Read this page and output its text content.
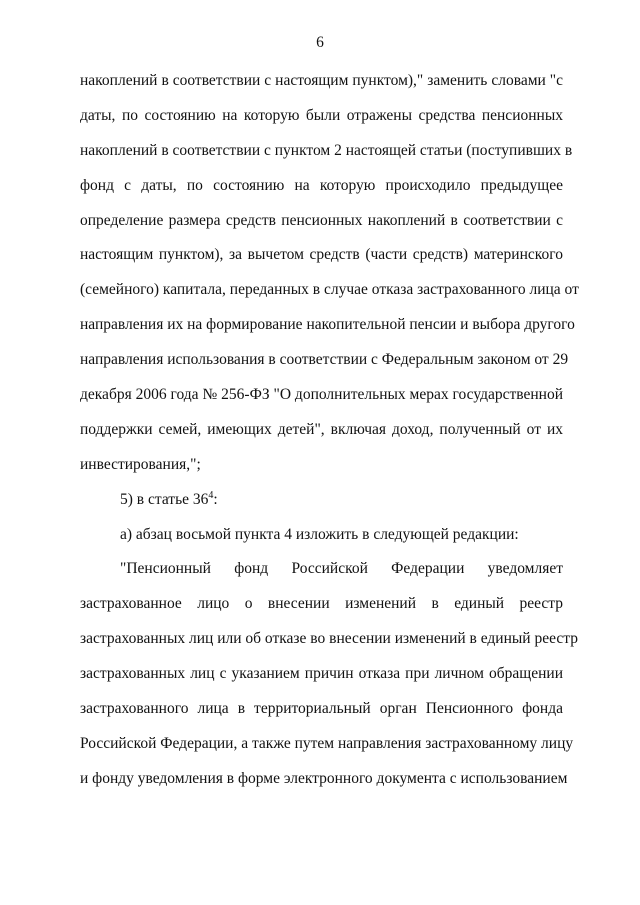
6
накоплений в соответствии с настоящим пунктом)," заменить словами "с
даты, по состоянию на которую были отражены средства пенсионных
накоплений в соответствии с пунктом 2 настоящей статьи (поступивших в
фонд с даты, по состоянию на которую происходило предыдущее
определение размера средств пенсионных накоплений в соответствии с
настоящим пунктом), за вычетом средств (части средств) материнского
(семейного) капитала, переданных в случае отказа застрахованного лица от
направления их на формирование накопительной пенсии и выбора другого
направления использования в соответствии с Федеральным законом от 29
декабря 2006 года № 256-ФЗ "О дополнительных мерах государственной
поддержки семей, имеющих детей", включая доход, полученный от их
инвестирования,";
5) в статье $36^4$:
а) абзац восьмой пункта 4 изложить в следующей редакции:
"Пенсионный фонд Российской Федерации уведомляет
застрахованное лицо о внесении изменений в единый реестр
застрахованных лиц или об отказе во внесении изменений в единый реестр
застрахованных лиц с указанием причин отказа при личном обращении
застрахованного лица в территориальный орган Пенсионного фонда
Российской Федерации, а также путем направления застрахованному лицу
и фонду уведомления в форме электронного документа с использованием
